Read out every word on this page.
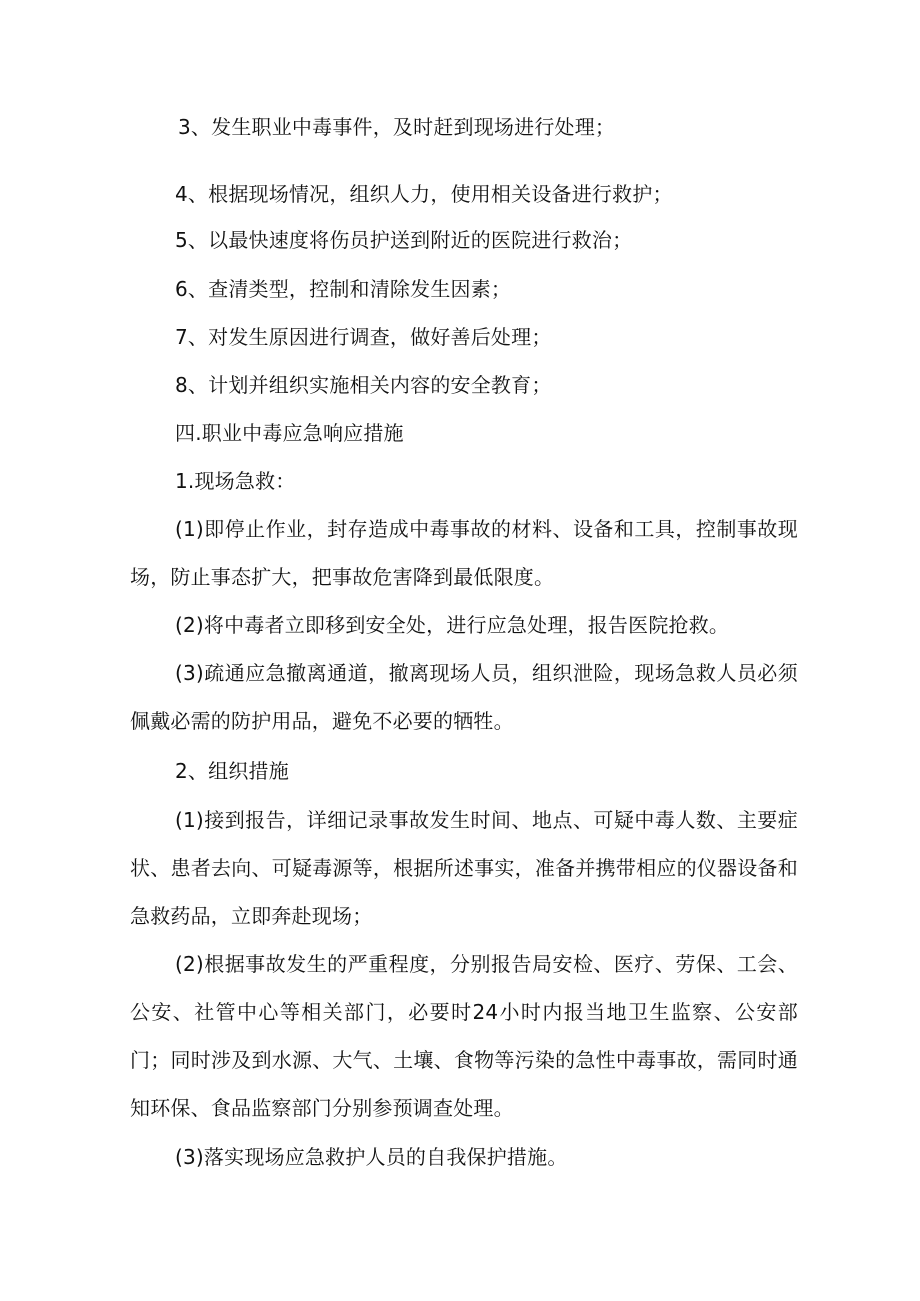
3、发生职业中毒事件，及时赶到现场进行处理；
4、根据现场情况，组织人力，使用相关设备进行救护；
5、以最快速度将伤员护送到附近的医院进行救治；
6、查清类型，控制和清除发生因素；
7、对发生原因进行调查，做好善后处理；
8、计划并组织实施相关内容的安全教育；
四.职业中毒应急响应措施
1.现场急救：
(1)即停止作业，封存造成中毒事故的材料、设备和工具，控制事故现场，防止事态扩大，把事故危害降到最低限度。
(2)将中毒者立即移到安全处，进行应急处理，报告医院抢救。
(3)疏通应急撤离通道，撤离现场人员，组织泄险，现场急救人员必须佩戴必需的防护用品，避免不必要的牺牲。
2、组织措施
(1)接到报告，详细记录事故发生时间、地点、可疑中毒人数、主要症状、患者去向、可疑毒源等，根据所述事实，准备并携带相应的仪器设备和急救药品，立即奔赴现场；
(2)根据事故发生的严重程度，分别报告局安检、医疗、劳保、工会、公安、社管中心等相关部门，必要时24小时内报当地卫生监察、公安部门；同时涉及到水源、大气、土壤、食物等污染的急性中毒事故，需同时通知环保、食品监察部门分别参预调查处理。
(3)落实现场应急救护人员的自我保护措施。
